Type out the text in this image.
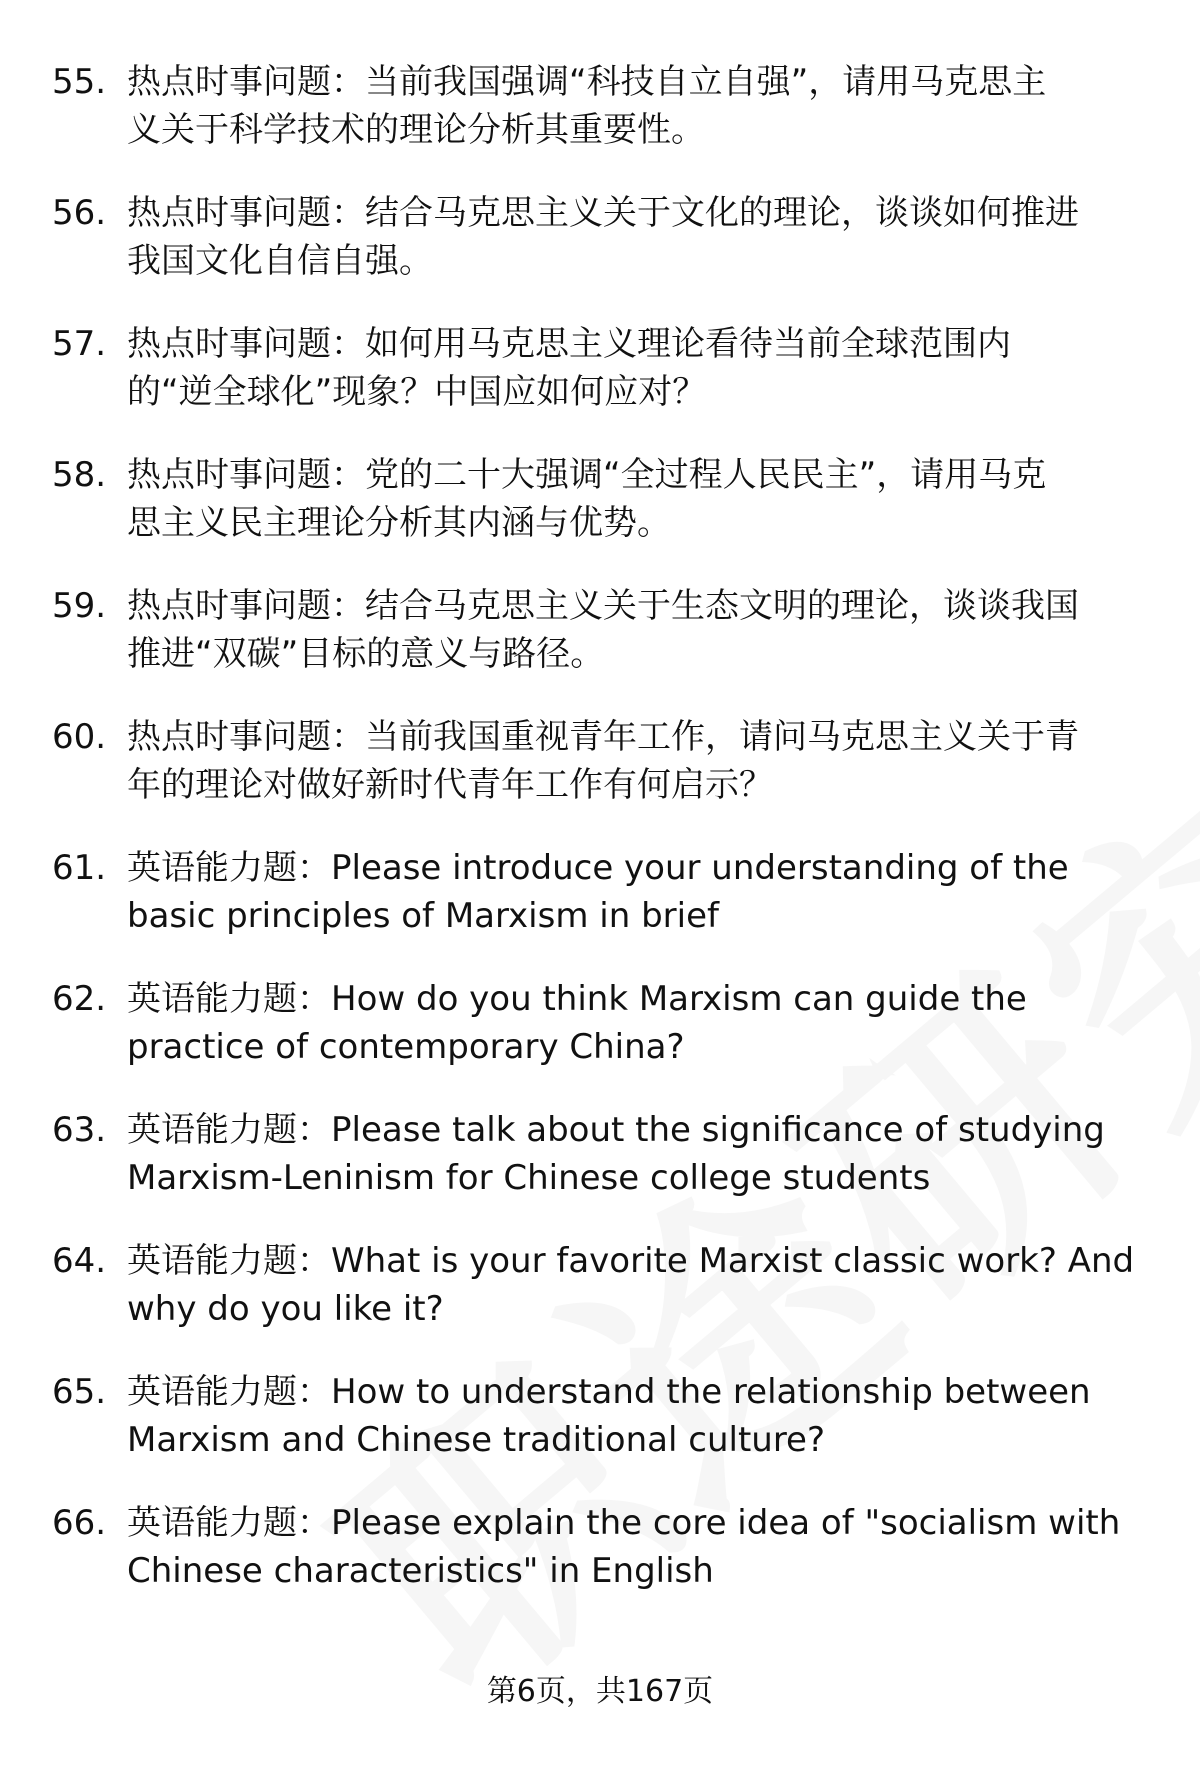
55. 热点时事问题：当前我国强调“科技自立自强”，请用马克思主
义关于科学技术的理论分析其重要性。
56. 热点时事问题：结合马克思主义关于文化的理论，谈谈如何推进
我国文化自信自强。
57. 热点时事问题：如何用马克思主义理论看待当前全球范围内
的“逆全球化”现象？中国应如何应对？
58. 热点时事问题：党的二十大强调“全过程人民民主”，请用马克
思主义民主理论分析其内涵与优势。
59. 热点时事问题：结合马克思主义关于生态文明的理论，谈谈我国
推进“双碳”目标的意义与路径。
60. 热点时事问题：当前我国重视青年工作，请问马克思主义关于青
年的理论对做好新时代青年工作有何启示？
61. 英语能力题：Please introduce your understanding of the
basic principles of Marxism in brief
62. 英语能力题：How do you think Marxism can guide the
practice of contemporary China?
63. 英语能力题：Please talk about the significance of studying
Marxism-Leninism for Chinese college students
64. 英语能力题：What is your favorite Marxist classic work? And
why do you like it?
65. 英语能力题：How to understand the relationship between
Marxism and Chinese traditional culture?
66. 英语能力题：Please explain the core idea of "socialism with
Chinese characteristics" in English
第6页，共167页
